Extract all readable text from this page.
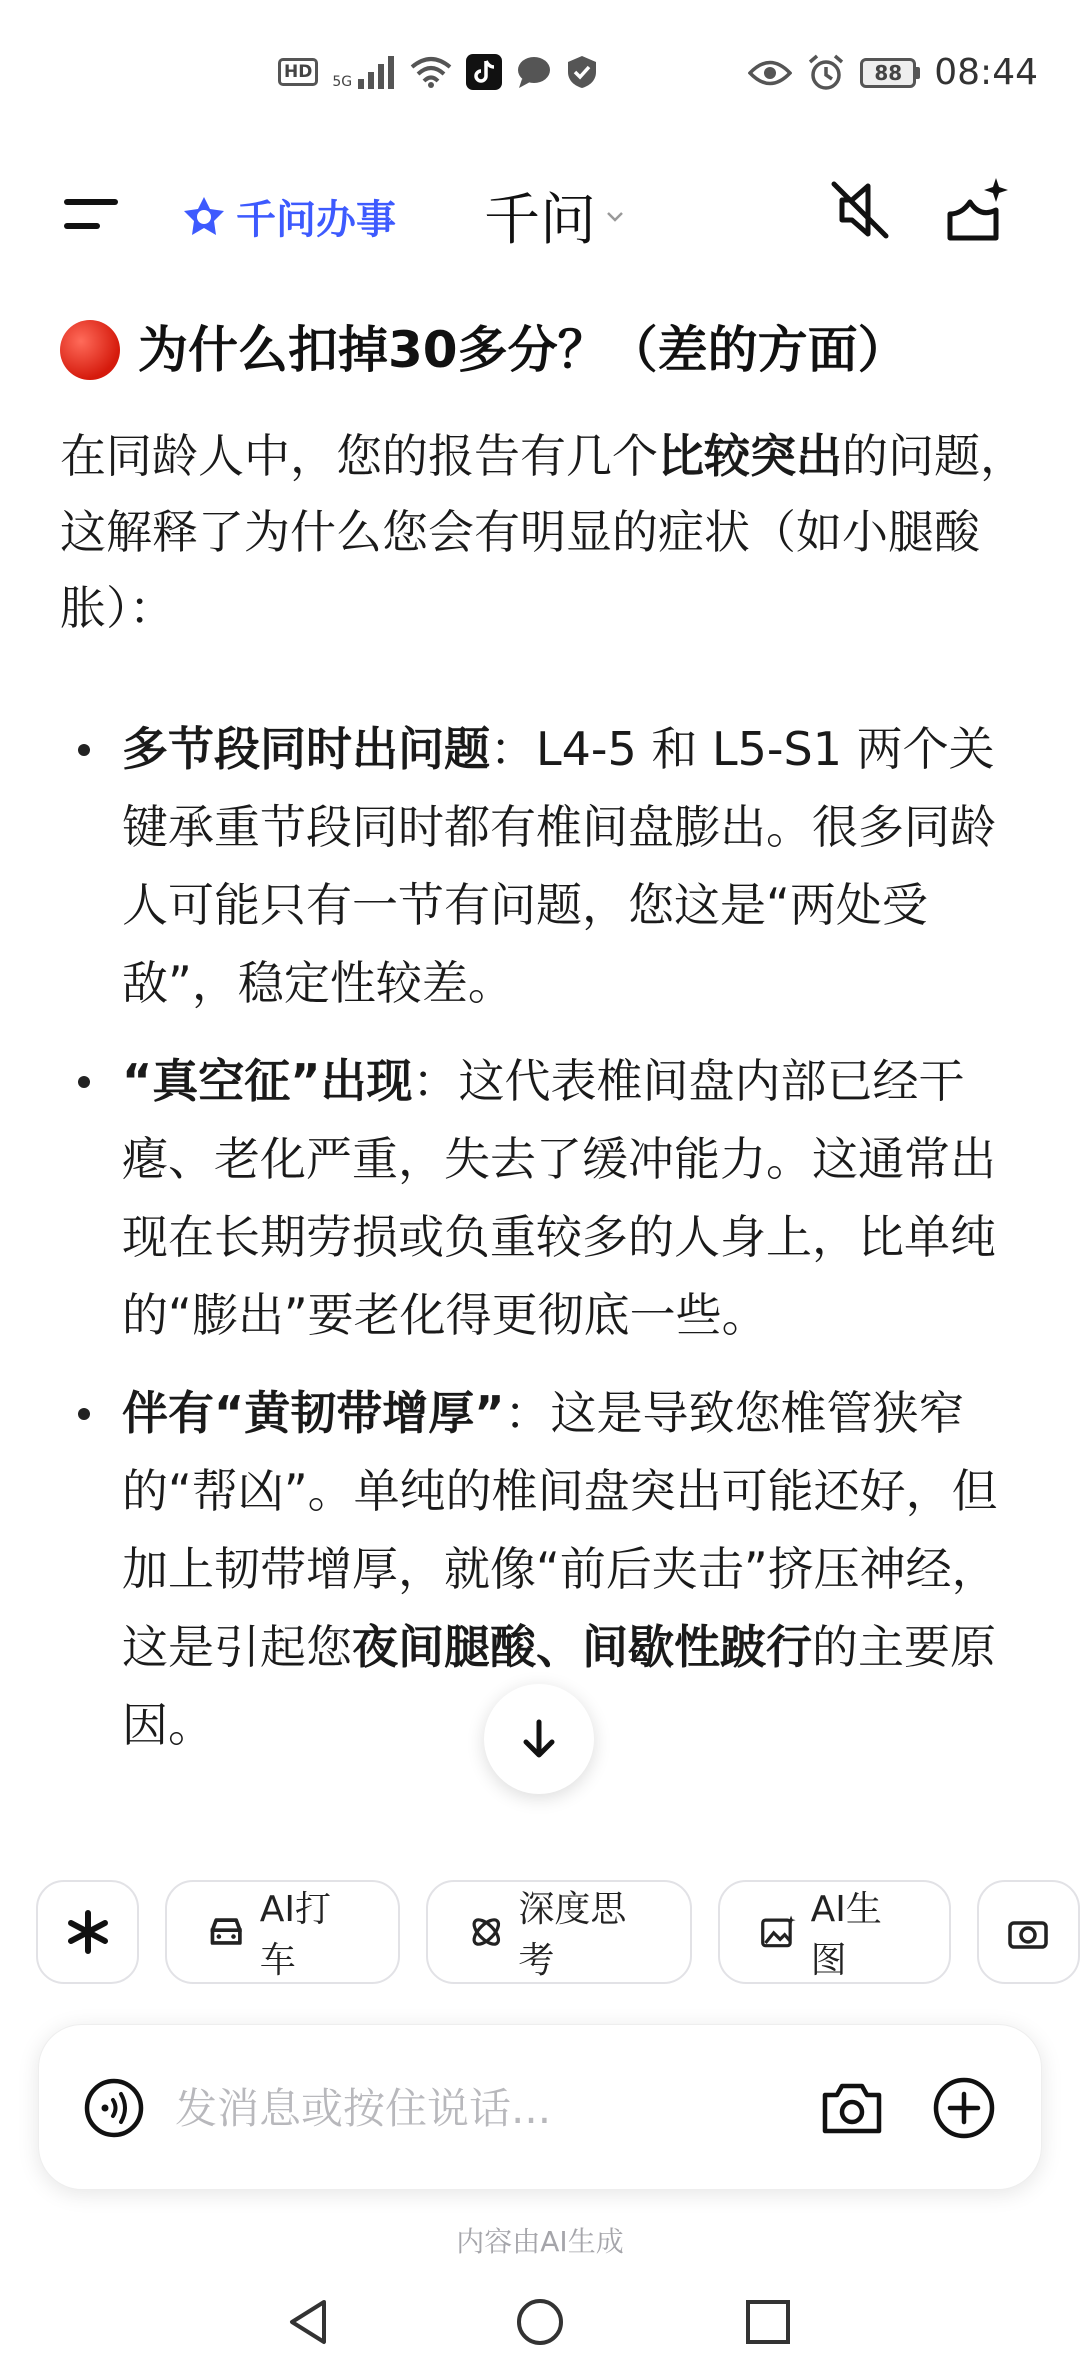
HD	5G	88 08:44
千问办事 千问
为什么扣掉30多分？（差的方面）

在同龄人中，您的报告有几个比较突出的问题，这解释了为什么您会有明显的症状（如小腿酸胀）：

多节段同时出问题：L4-5 和 L5-S1 两个关键承重节段同时都有椎间盘膨出。很多同龄人可能只有一节有问题，您这是“两处受敌”，稳定性较差。
“真空征”出现：这代表椎间盘内部已经干瘪、老化严重，失去了缓冲能力。这通常出现在长期劳损或负重较多的人身上，比单纯的“膨出”要老化得更彻底一些。
伴有“黄韧带增厚”：这是导致您椎管狭窄的“帮凶”。单纯的椎间盘突出可能还好，但加上韧带增厚，就像“前后夹击”挤压神经，这是引起您夜间腿酸、间歇性跛行的主要原因。
AI打车
深度思考
AI生图
发消息或按住说话...
内容由AI生成
